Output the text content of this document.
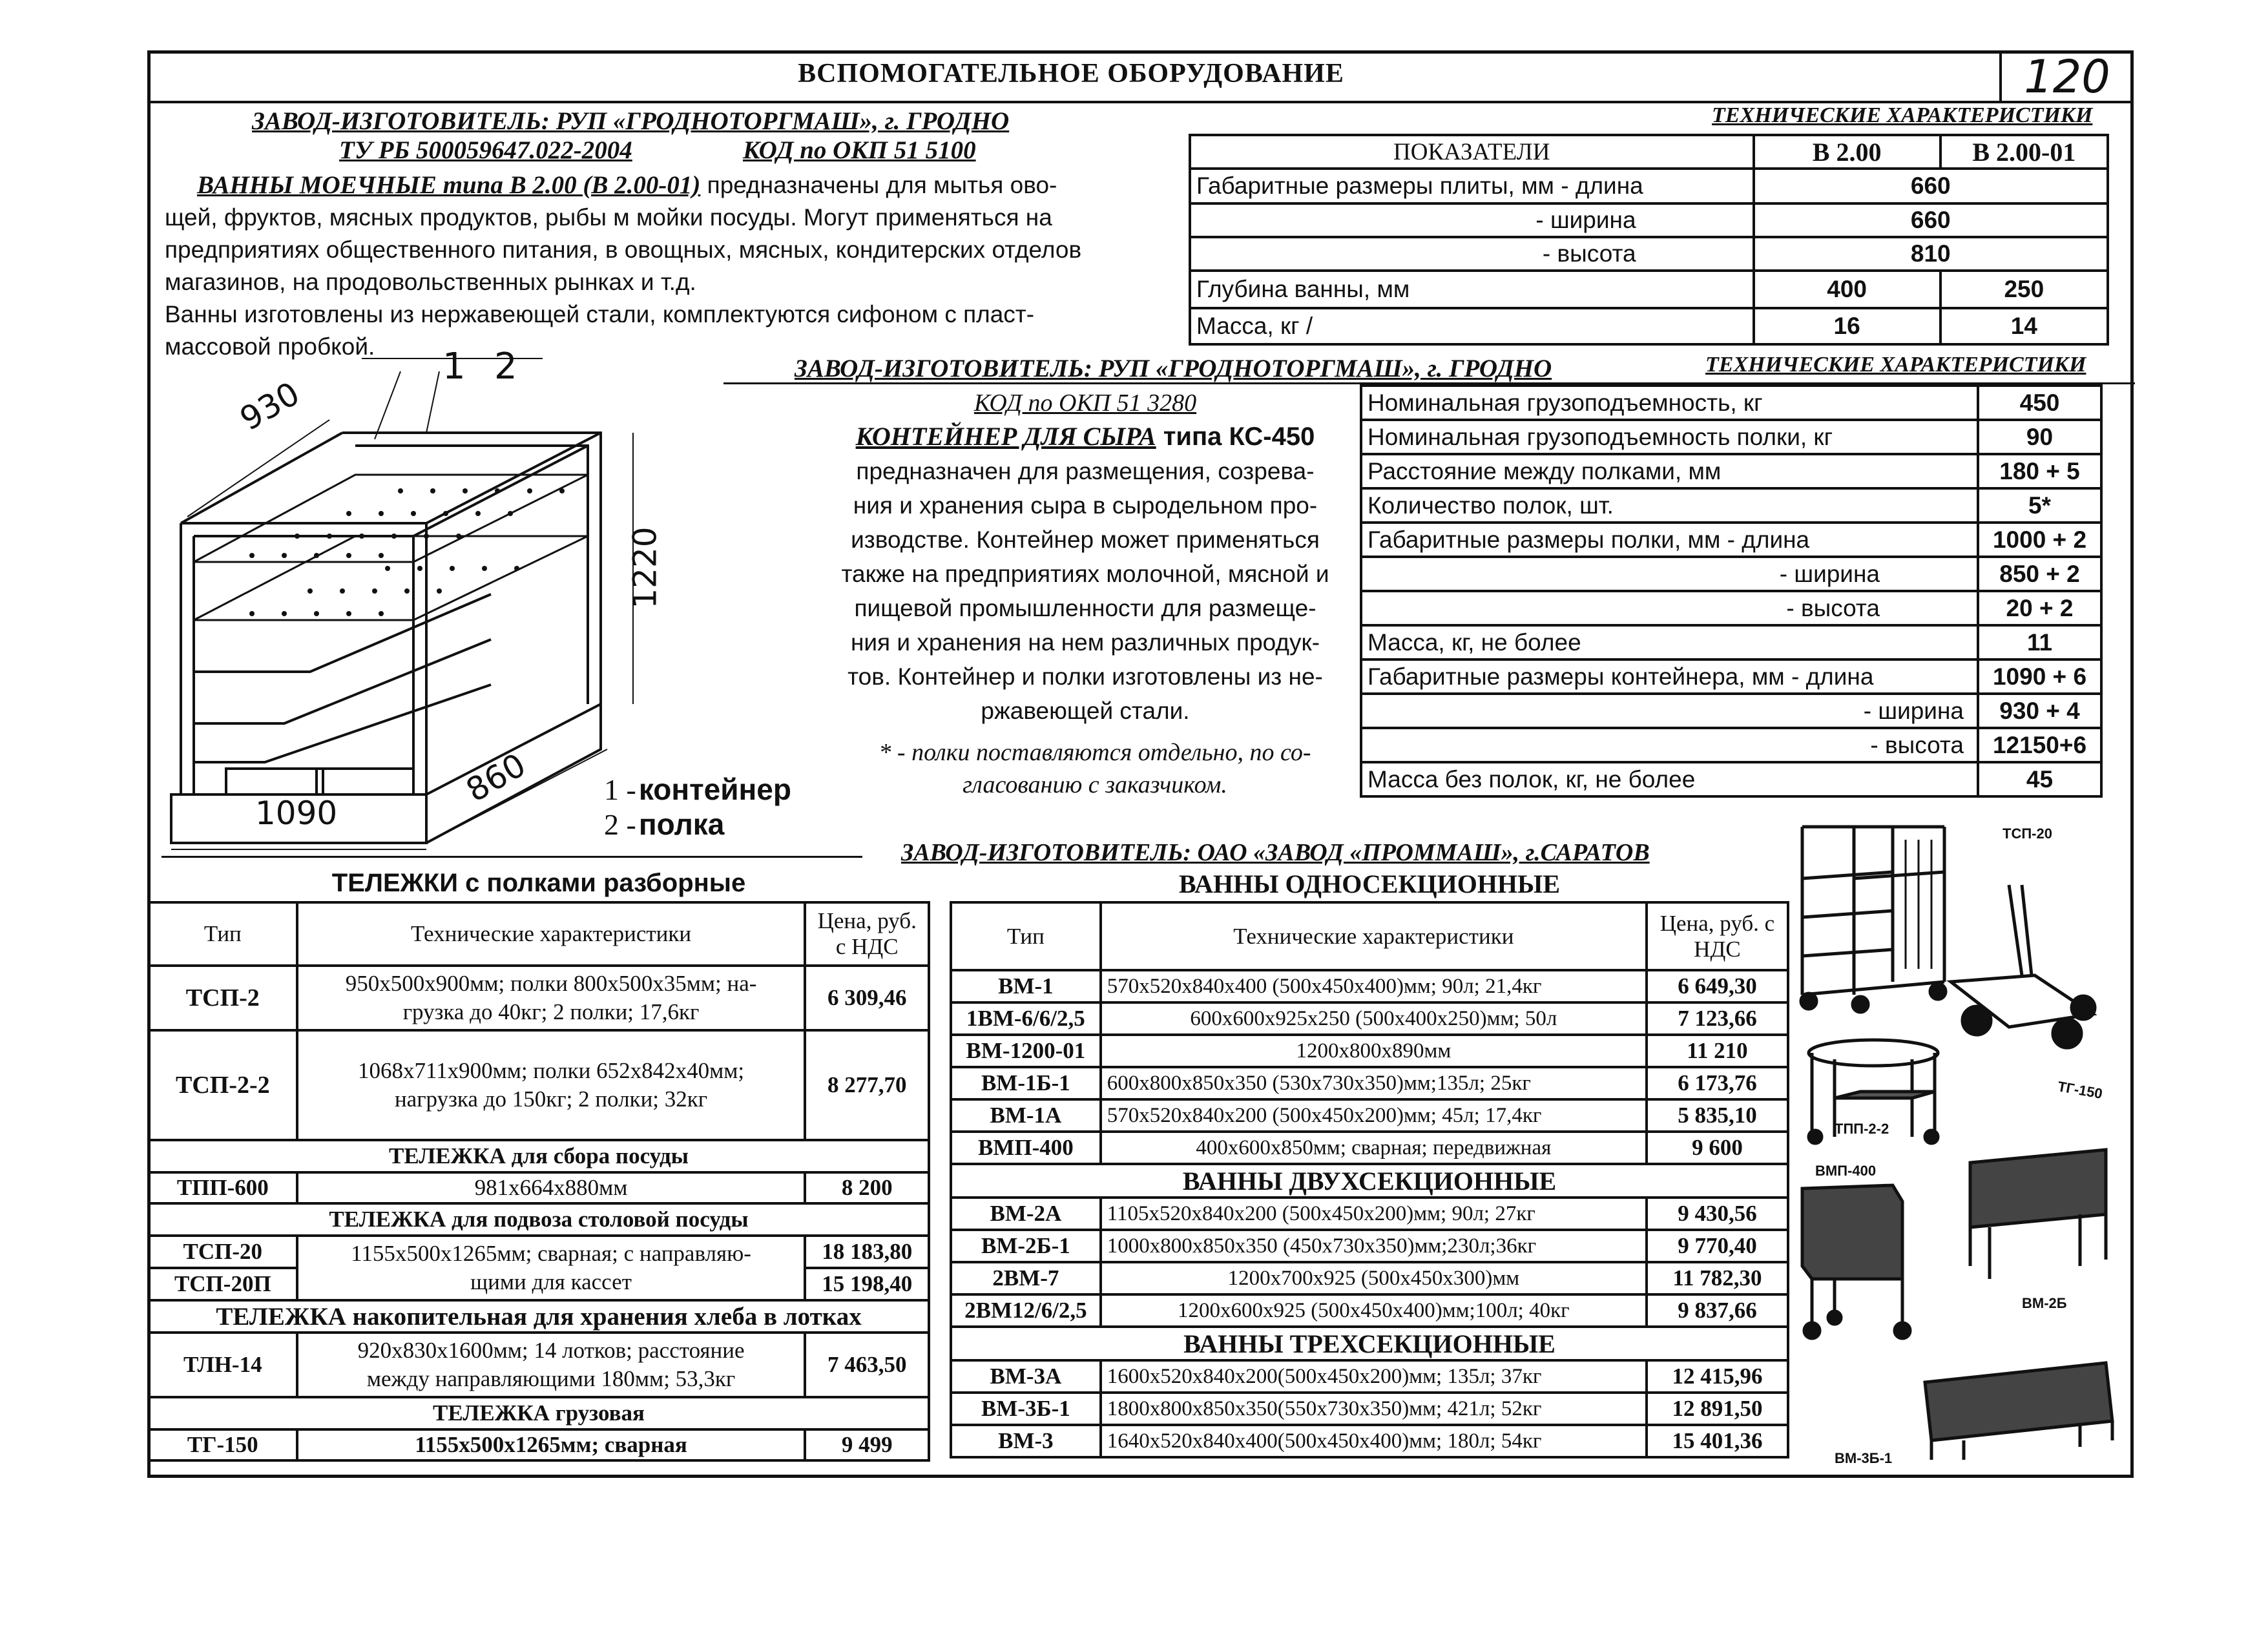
ВСПОМОГАТЕЛЬНОЕ ОБОРУДОВАНИЕ	120
ЗАВОД-ИЗГОТОВИТЕЛЬ: РУП «ГРОДНОТОРГМАШ», г. ГРОДНО	ТЕХНИЧЕСКИЕ ХАРАКТЕРИСТИКИ
ТУ РБ 500059647.022-2004	КОД по ОКП 51 5100
ВАННЫ МОЕЧНЫЕ типа В 2.00 (В 2.00-01) предназначены для мытья ово-
щей, фруктов, мясных продуктов, рыбы м мойки посуды. Могут применяться на
предприятиях общественного питания, в овощных, мясных, кондитерских отделов
магазинов, на продовольственных рынках и т.д.
Ванны изготовлены из нержавеющей стали, комплектуются сифоном с пласт-
массовой пробкой.
ПОКАЗАТЕЛИ	В 2.00	В 2.00-01
Габаритные размеры плиты, мм - длина	660	
- ширина	660	
- высота	810	
Глубина ванны, мм	400	250
Масса, кг /	16	14
ЗАВОД-ИЗГОТОВИТЕЛЬ: РУП «ГРОДНОТОРГМАШ», г. ГРОДНО	ТЕХНИЧЕСКИЕ ХАРАКТЕРИСТИКИ
КОД по ОКП 51 3280
КОНТЕЙНЕР ДЛЯ СЫРА типа КС-450
предназначен для размещения, созрева-
ния и хранения сыра в сыродельном про-
изводстве. Контейнер может применяться
также на предприятиях молочной, мясной и
пищевой промышленности для размеще-
ния и хранения на нем различных продук-
тов. Контейнер и полки изготовлены из не-
ржавеющей стали.
* - полки поставляются отдельно, по со-
гласованию с заказчиком.
Номинальная грузоподъемность, кг	450
Номинальная грузоподъемность полки, кг	90
Расстояние между полками, мм	180 + 5
Количество полок, шт.	5*
Габаритные размеры полки, мм - длина	1000 + 2
- ширина	850 + 2
- высота	20 + 2
Масса, кг, не более	11
Габаритные размеры контейнера, мм - длина	1090 + 6
- ширина	930 + 4
- высота	12150+6
Масса без полок, кг, не более	45
930
1220
860
1090
1 2
1 - контейнер
2 - полка
ТЕЛЕЖКИ с полками разборные
Тип	Технические характеристики	Цена, руб. с НДС
ТСП-2	950х500х900мм; полки 800х500х35мм; на-
грузка до 40кг; 2 полки; 17,6кг	6 309,46
ТСП-2-2	1068х711х900мм; полки 652х842х40мм;
нагрузка до 150кг; 2 полки; 32кг	8 277,70
ТЕЛЕЖКА для сбора посуды		
ТПП-600	981х664х880мм	8 200
ТЕЛЕЖКА для подвоза столовой посуды		
ТСП-20	1155х500х1265мм; сварная; с направляю-
щими для кассет	18 183,80
ТСП-20П		15 198,40
ТЕЛЕЖКА накопительная для хранения хлеба в лотках		
ТЛН-14	920х830х1600мм; 14 лотков; расстояние
между направляющими 180мм; 53,3кг	7 463,50
ТЕЛЕЖКА грузовая		
ТГ-150	1155х500х1265мм; сварная	9 499
ЗАВОД-ИЗГОТОВИТЕЛЬ: ОАО «ЗАВОД «ПРОММАШ», г.САРАТОВ
ВАННЫ ОДНОСЕКЦИОННЫЕ
Тип	Технические характеристики	Цена, руб. с НДС
ВМ-1	570х520х840х400 (500х450х400)мм; 90л; 21,4кг	6 649,30
1ВМ-6/6/2,5	600х600х925х250 (500х400х250)мм; 50л	7 123,66
ВМ-1200-01	1200х800х890мм	11 210
ВМ-1Б-1	600х800х850х350 (530х730х350)мм;135л; 25кг	6 173,76
ВМ-1А	570х520х840х200 (500х450х200)мм; 45л; 17,4кг	5 835,10
ВМП-400	400х600х850мм; сварная; передвижная	9 600
ВАННЫ ДВУХСЕКЦИОННЫЕ		
ВМ-2А	1105х520х840х200 (500х450х200)мм; 90л; 27кг	9 430,56
ВМ-2Б-1	1000х800х850х350 (450х730х350)мм;230л;36кг	9 770,40
2ВМ-7	1200х700х925 (500х450х300)мм	11 782,30
2ВМ12/6/2,5	1200х600х925 (500х450х400)мм;100л; 40кг	9 837,66
ВАННЫ ТРЕХСЕКЦИОННЫЕ		
ВМ-3А	1600х520х840х200(500х450х200)мм; 135л; 37кг	12 415,96
ВМ-3Б-1	1800х800х850х350(550х730х350)мм; 421л; 52кг	12 891,50
ВМ-3	1640х520х840х400(500х450х400)мм; 180л; 54кг	15 401,36
ТСП-20
ТГ-150
ТПП-2-2
ВМП-400
ВМ-2Б
ВМ-3Б-1
